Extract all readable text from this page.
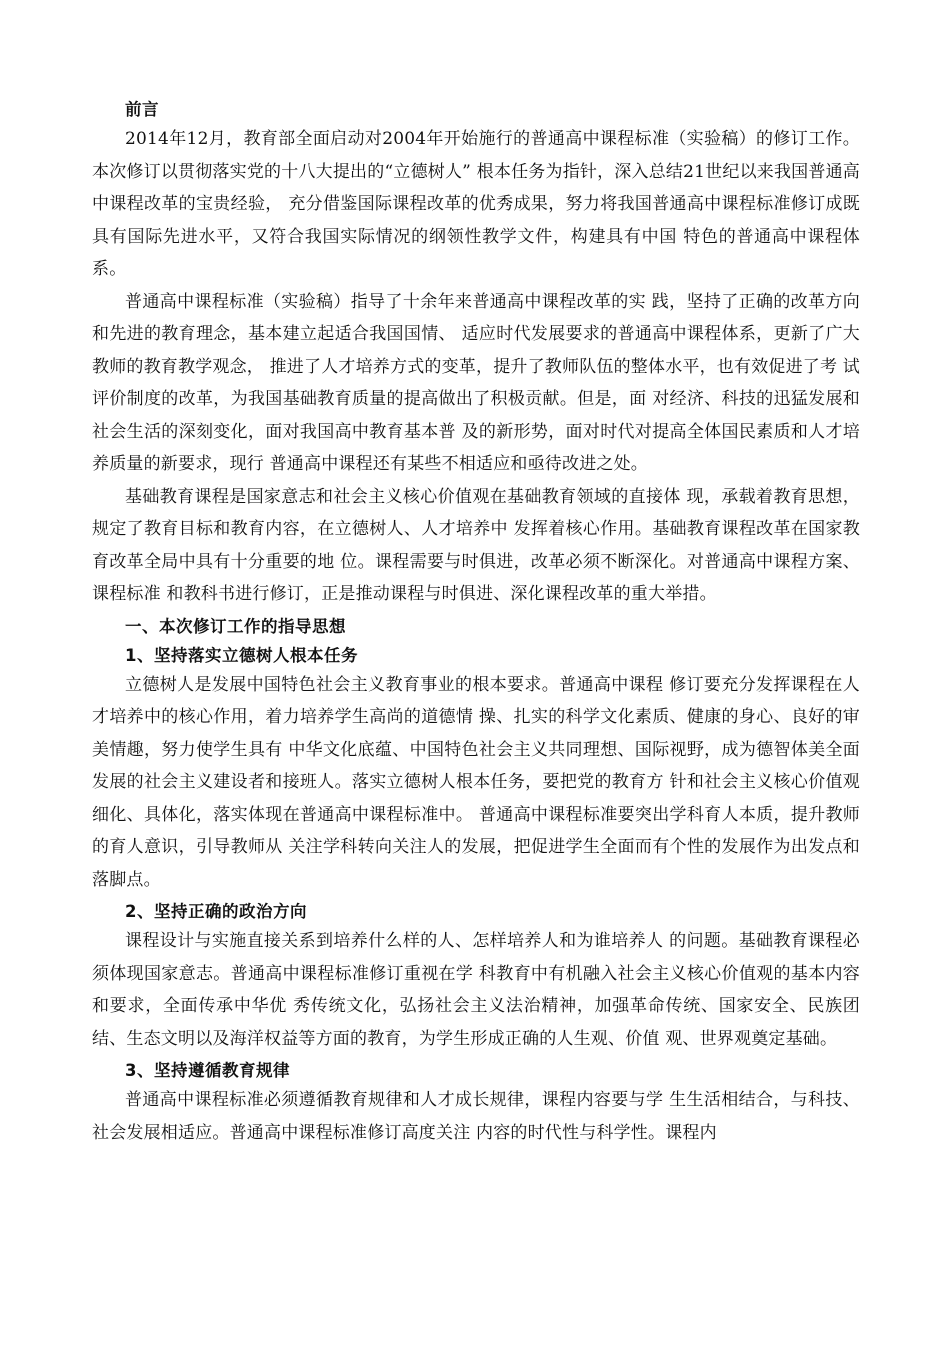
前言

2014年12月，教育部全面启动对2004年开始施行的普通高中课程标准（实验稿）的修订工作。本次修订以贯彻落实党的十八大提出的“立德树人” 根本任务为指针，深入总结21世纪以来我国普通高中课程改革的宝贵经验， 充分借鉴国际课程改革的优秀成果，努力将我国普通高中课程标准修订成既 具有国际先进水平，又符合我国实际情况的纲领性教学文件，构建具有中国 特色的普通高中课程体系。

普通高中课程标准（实验稿）指导了十余年来普通高中课程改革的实 践，坚持了正确的改革方向和先进的教育理念，基本建立起适合我国国情、 适应时代发展要求的普通高中课程体系，更新了广大教师的教育教学观念， 推进了人才培养方式的变革，提升了教师队伍的整体水平，也有效促进了考 试评价制度的改革，为我国基础教育质量的提高做出了积极贡献。但是，面 对经济、科技的迅猛发展和社会生活的深刻变化，面对我国高中教育基本普 及的新形势，面对时代对提高全体国民素质和人才培养质量的新要求，现行 普通高中课程还有某些不相适应和亟待改进之处。

基础教育课程是国家意志和社会主义核心价值观在基础教育领域的直接体 现，承载着教育思想，规定了教育目标和教育内容，在立德树人、人才培养中 发挥着核心作用。基础教育课程改革在国家教育改革全局中具有十分重要的地 位。课程需要与时俱进，改革必须不断深化。对普通高中课程方案、课程标准 和教科书进行修订，正是推动课程与时俱进、深化课程改革的重大举措。

一、本次修订工作的指导思想

1、坚持落实立德树人根本任务

立德树人是发展中国特色社会主义教育事业的根本要求。普通高中课程 修订要充分发挥课程在人才培养中的核心作用，着力培养学生高尚的道德情 操、扎实的科学文化素质、健康的身心、良好的审美情趣，努力使学生具有 中华文化底蕴、中国特色社会主义共同理想、国际视野，成为德智体美全面 发展的社会主义建设者和接班人。落实立德树人根本任务，要把党的教育方 针和社会主义核心价值观细化、具体化，落实体现在普通高中课程标准中。 普通高中课程标准要突出学科育人本质，提升教师的育人意识，引导教师从 关注学科转向关注人的发展，把促进学生全面而有个性的发展作为出发点和 落脚点。

2、坚持正确的政治方向

课程设计与实施直接关系到培养什么样的人、怎样培养人和为谁培养人 的问题。基础教育课程必须体现国家意志。普通高中课程标准修订重视在学 科教育中有机融入社会主义核心价值观的基本内容和要求，全面传承中华优 秀传统文化，弘扬社会主义法治精神，加强革命传统、国家安全、民族团 结、生态文明以及海洋权益等方面的教育，为学生形成正确的人生观、价值 观、世界观奠定基础。

3、坚持遵循教育规律

普通高中课程标准必须遵循教育规律和人才成长规律，课程内容要与学 生生活相结合，与科技、社会发展相适应。普通高中课程标准修订高度关注 内容的时代性与科学性。课程内
